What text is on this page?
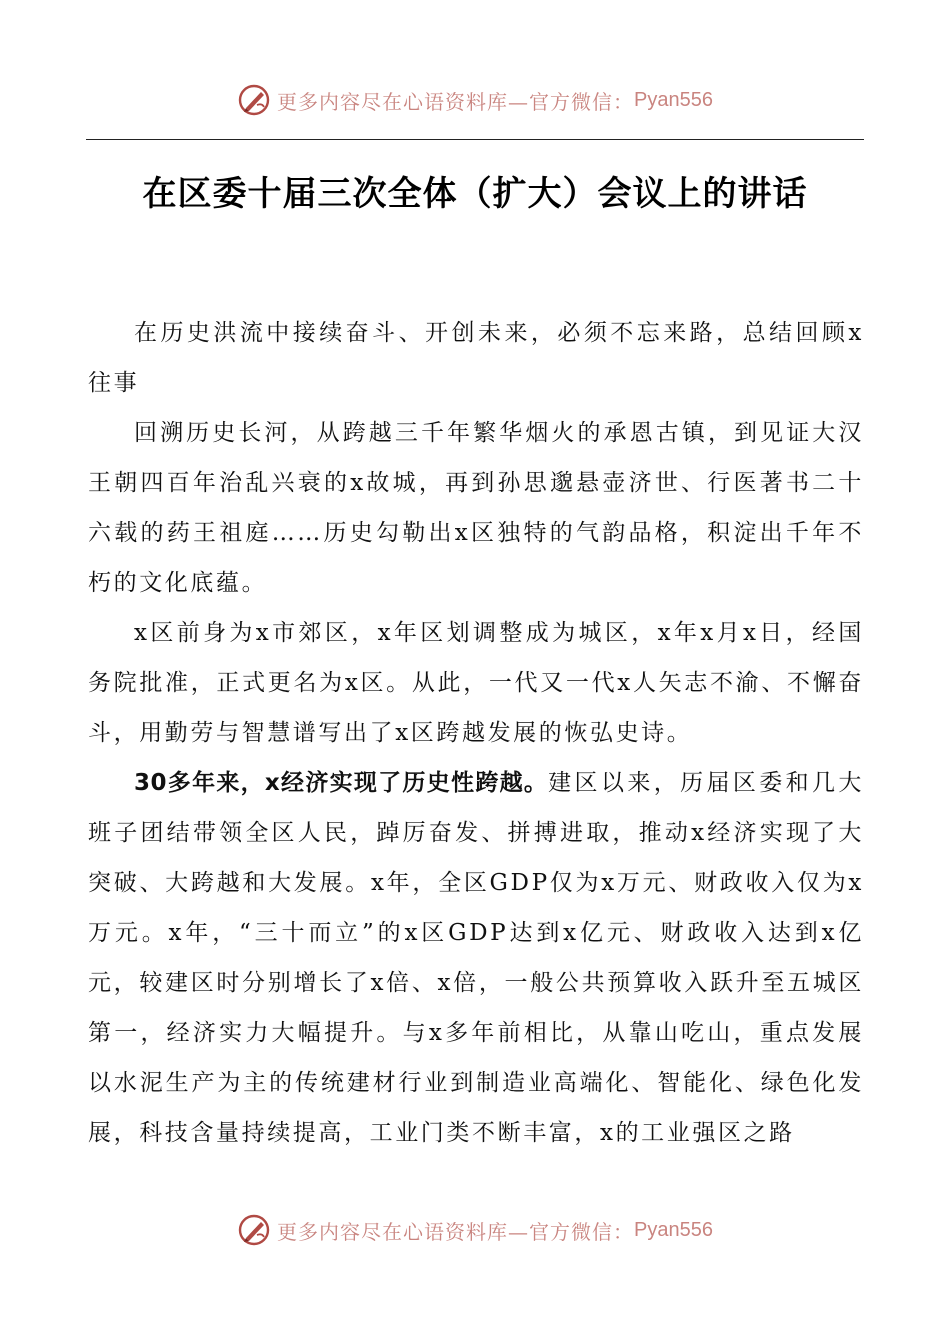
更多内容尽在心语资料库—官方微信： Pyan556
在区委十届三次全体（扩大）会议上的讲话

在历史洪流中接续奋斗、开创未来，必须不忘来路，总结回顾x往事

回溯历史长河，从跨越三千年繁华烟火的承恩古镇，到见证大汉王朝四百年治乱兴衰的x故城，再到孙思邈悬壶济世、行医著书二十六载的药王祖庭……历史勾勒出x区独特的气韵品格，积淀出千年不朽的文化底蕴。

x区前身为x市郊区，x年区划调整成为城区，x年x月x日，经国务院批准，正式更名为x区。从此，一代又一代x人矢志不渝、不懈奋斗，用勤劳与智慧谱写出了x区跨越发展的恢弘史诗。

30多年来，x经济实现了历史性跨越。建区以来，历届区委和几大班子团结带领全区人民，踔厉奋发、拼搏进取，推动x经济实现了大突破、大跨越和大发展。x年，全区GDP仅为x万元、财政收入仅为x万元。x年，“三十而立”的x区GDP达到x亿元、财政收入达到x亿元，较建区时分别增长了x倍、x倍，一般公共预算收入跃升至五城区第一，经济实力大幅提升。与x多年前相比，从靠山吃山，重点发展以水泥生产为主的传统建材行业到制造业高端化、智能化、绿色化发展，科技含量持续提高，工业门类不断丰富，x的工业强区之路

更多内容尽在心语资料库—官方微信： Pyan556
